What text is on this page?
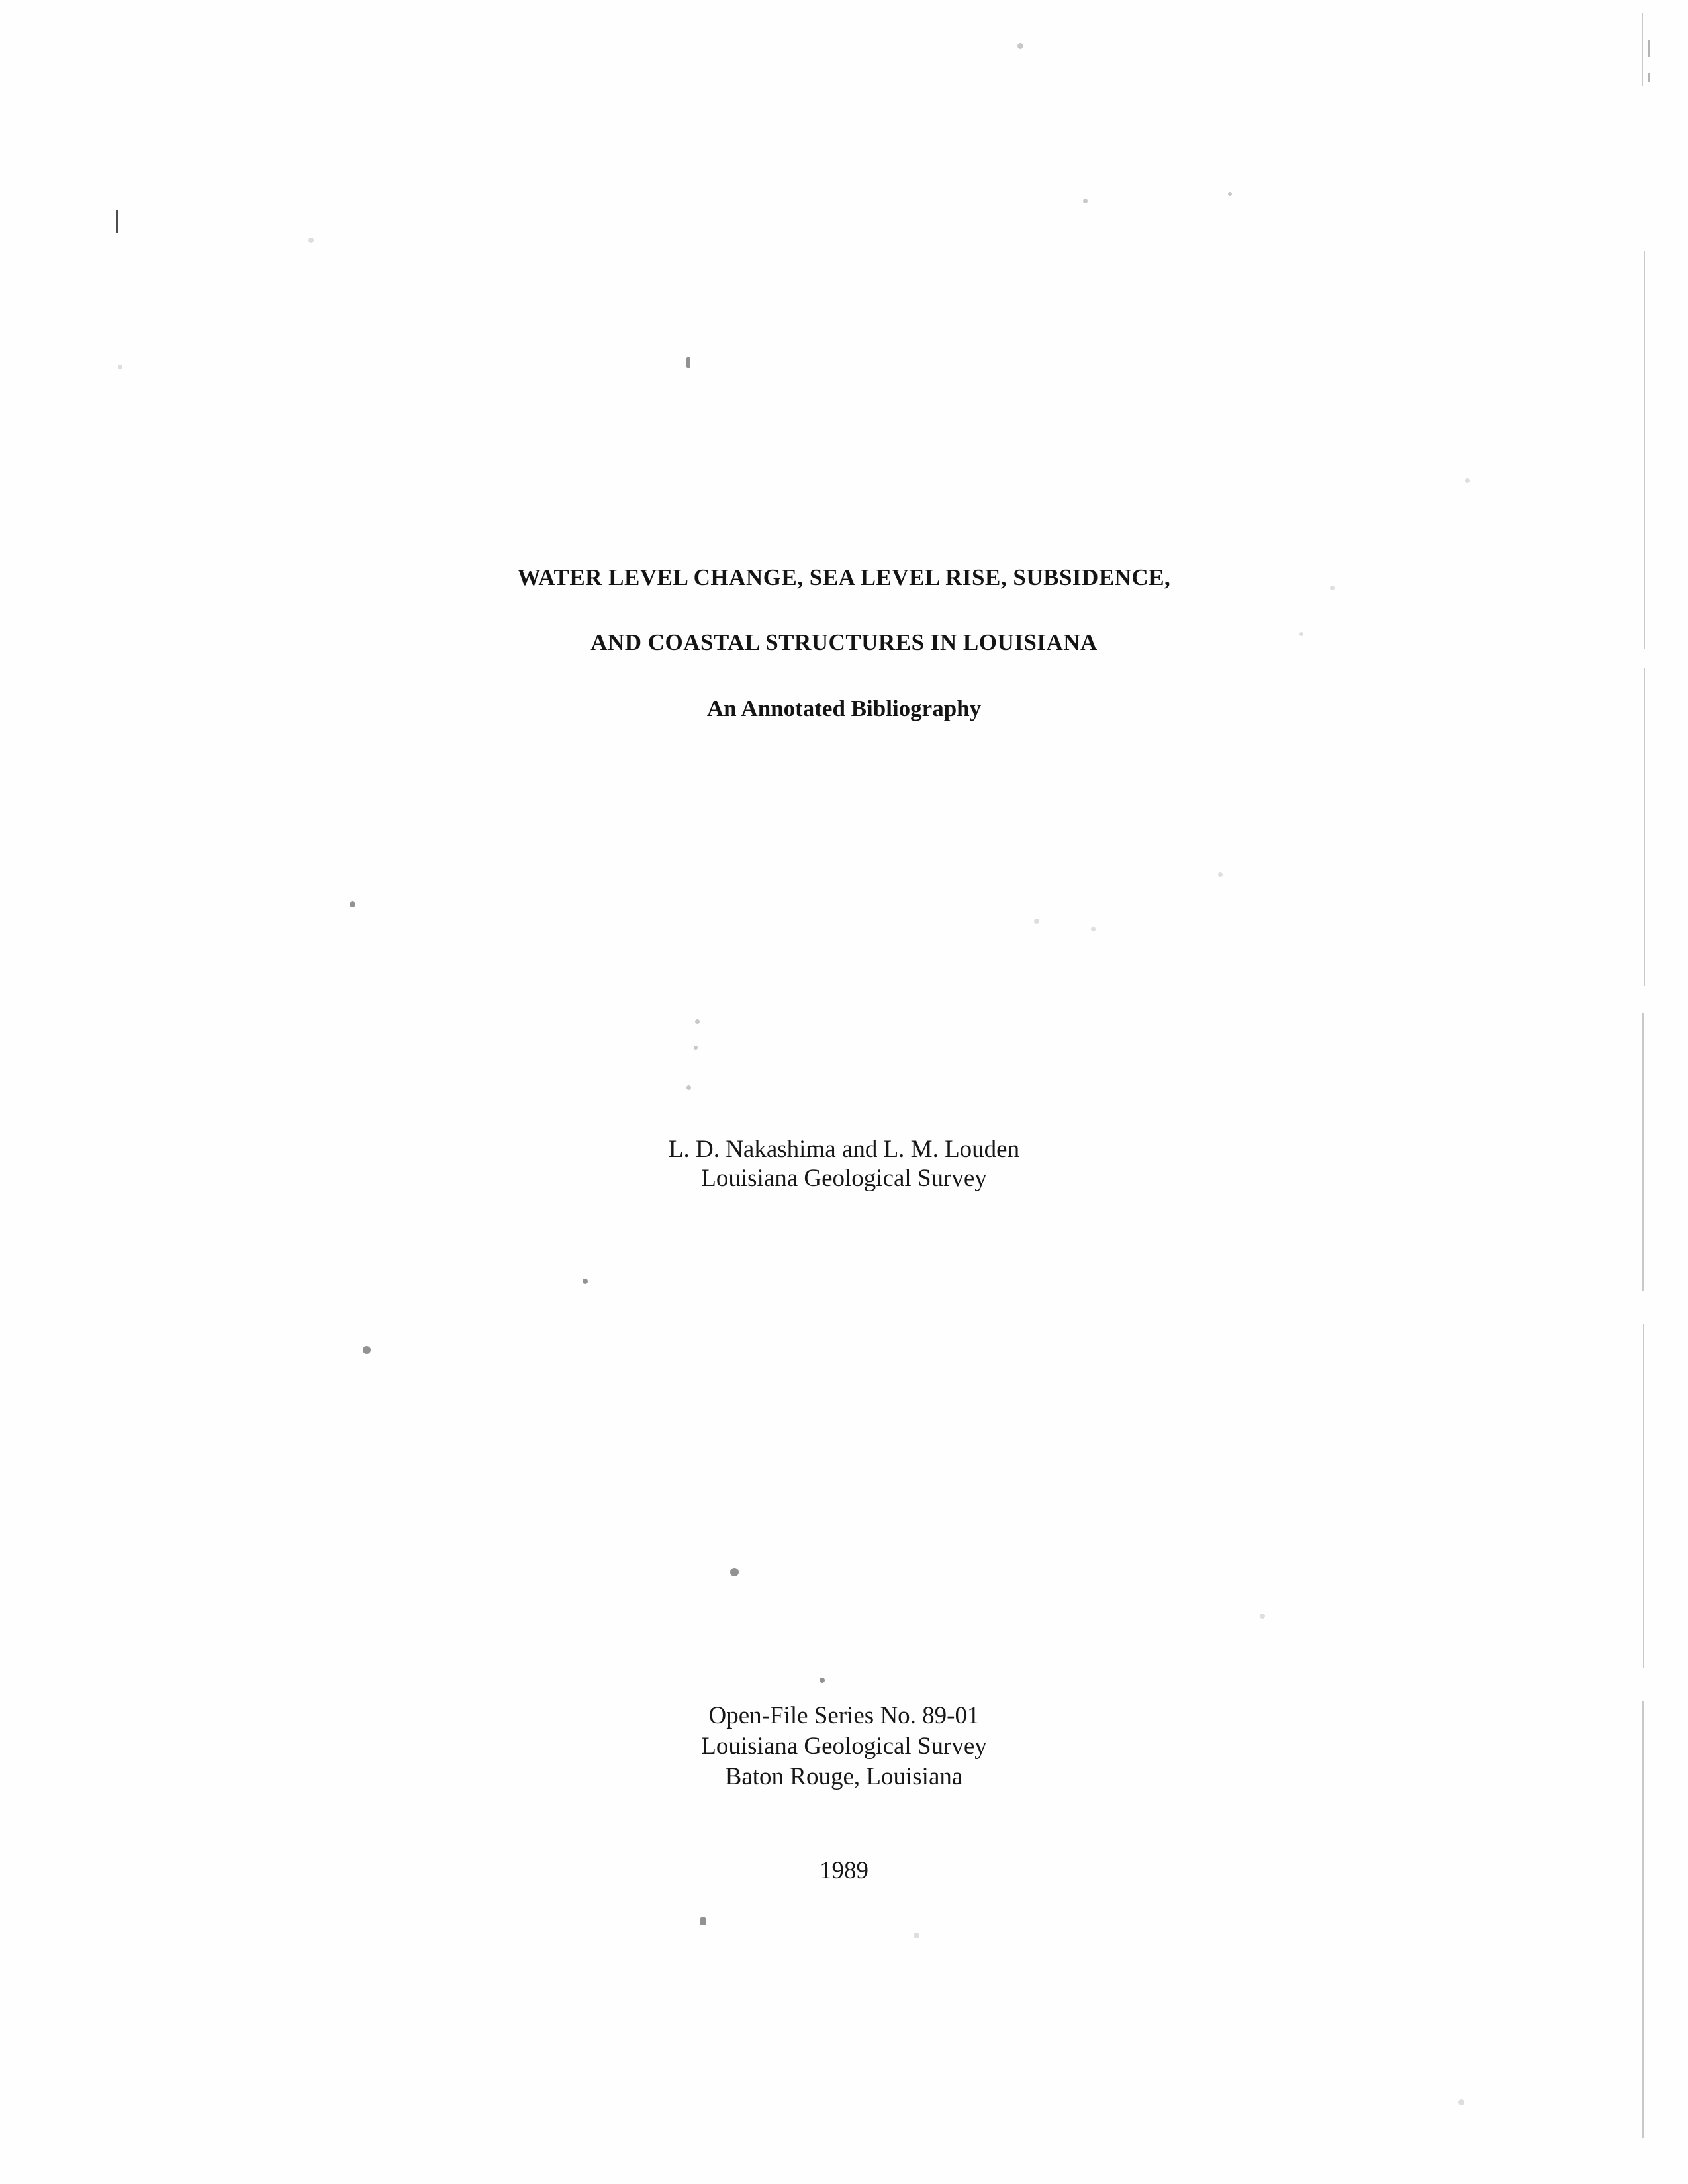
WATER LEVEL CHANGE, SEA LEVEL RISE, SUBSIDENCE,

AND COASTAL STRUCTURES IN LOUISIANA

An Annotated Bibliography

L. D. Nakashima and L. M. Louden

Louisiana Geological Survey

Open-File Series No. 89-01

Louisiana Geological Survey

Baton Rouge, Louisiana

1989
